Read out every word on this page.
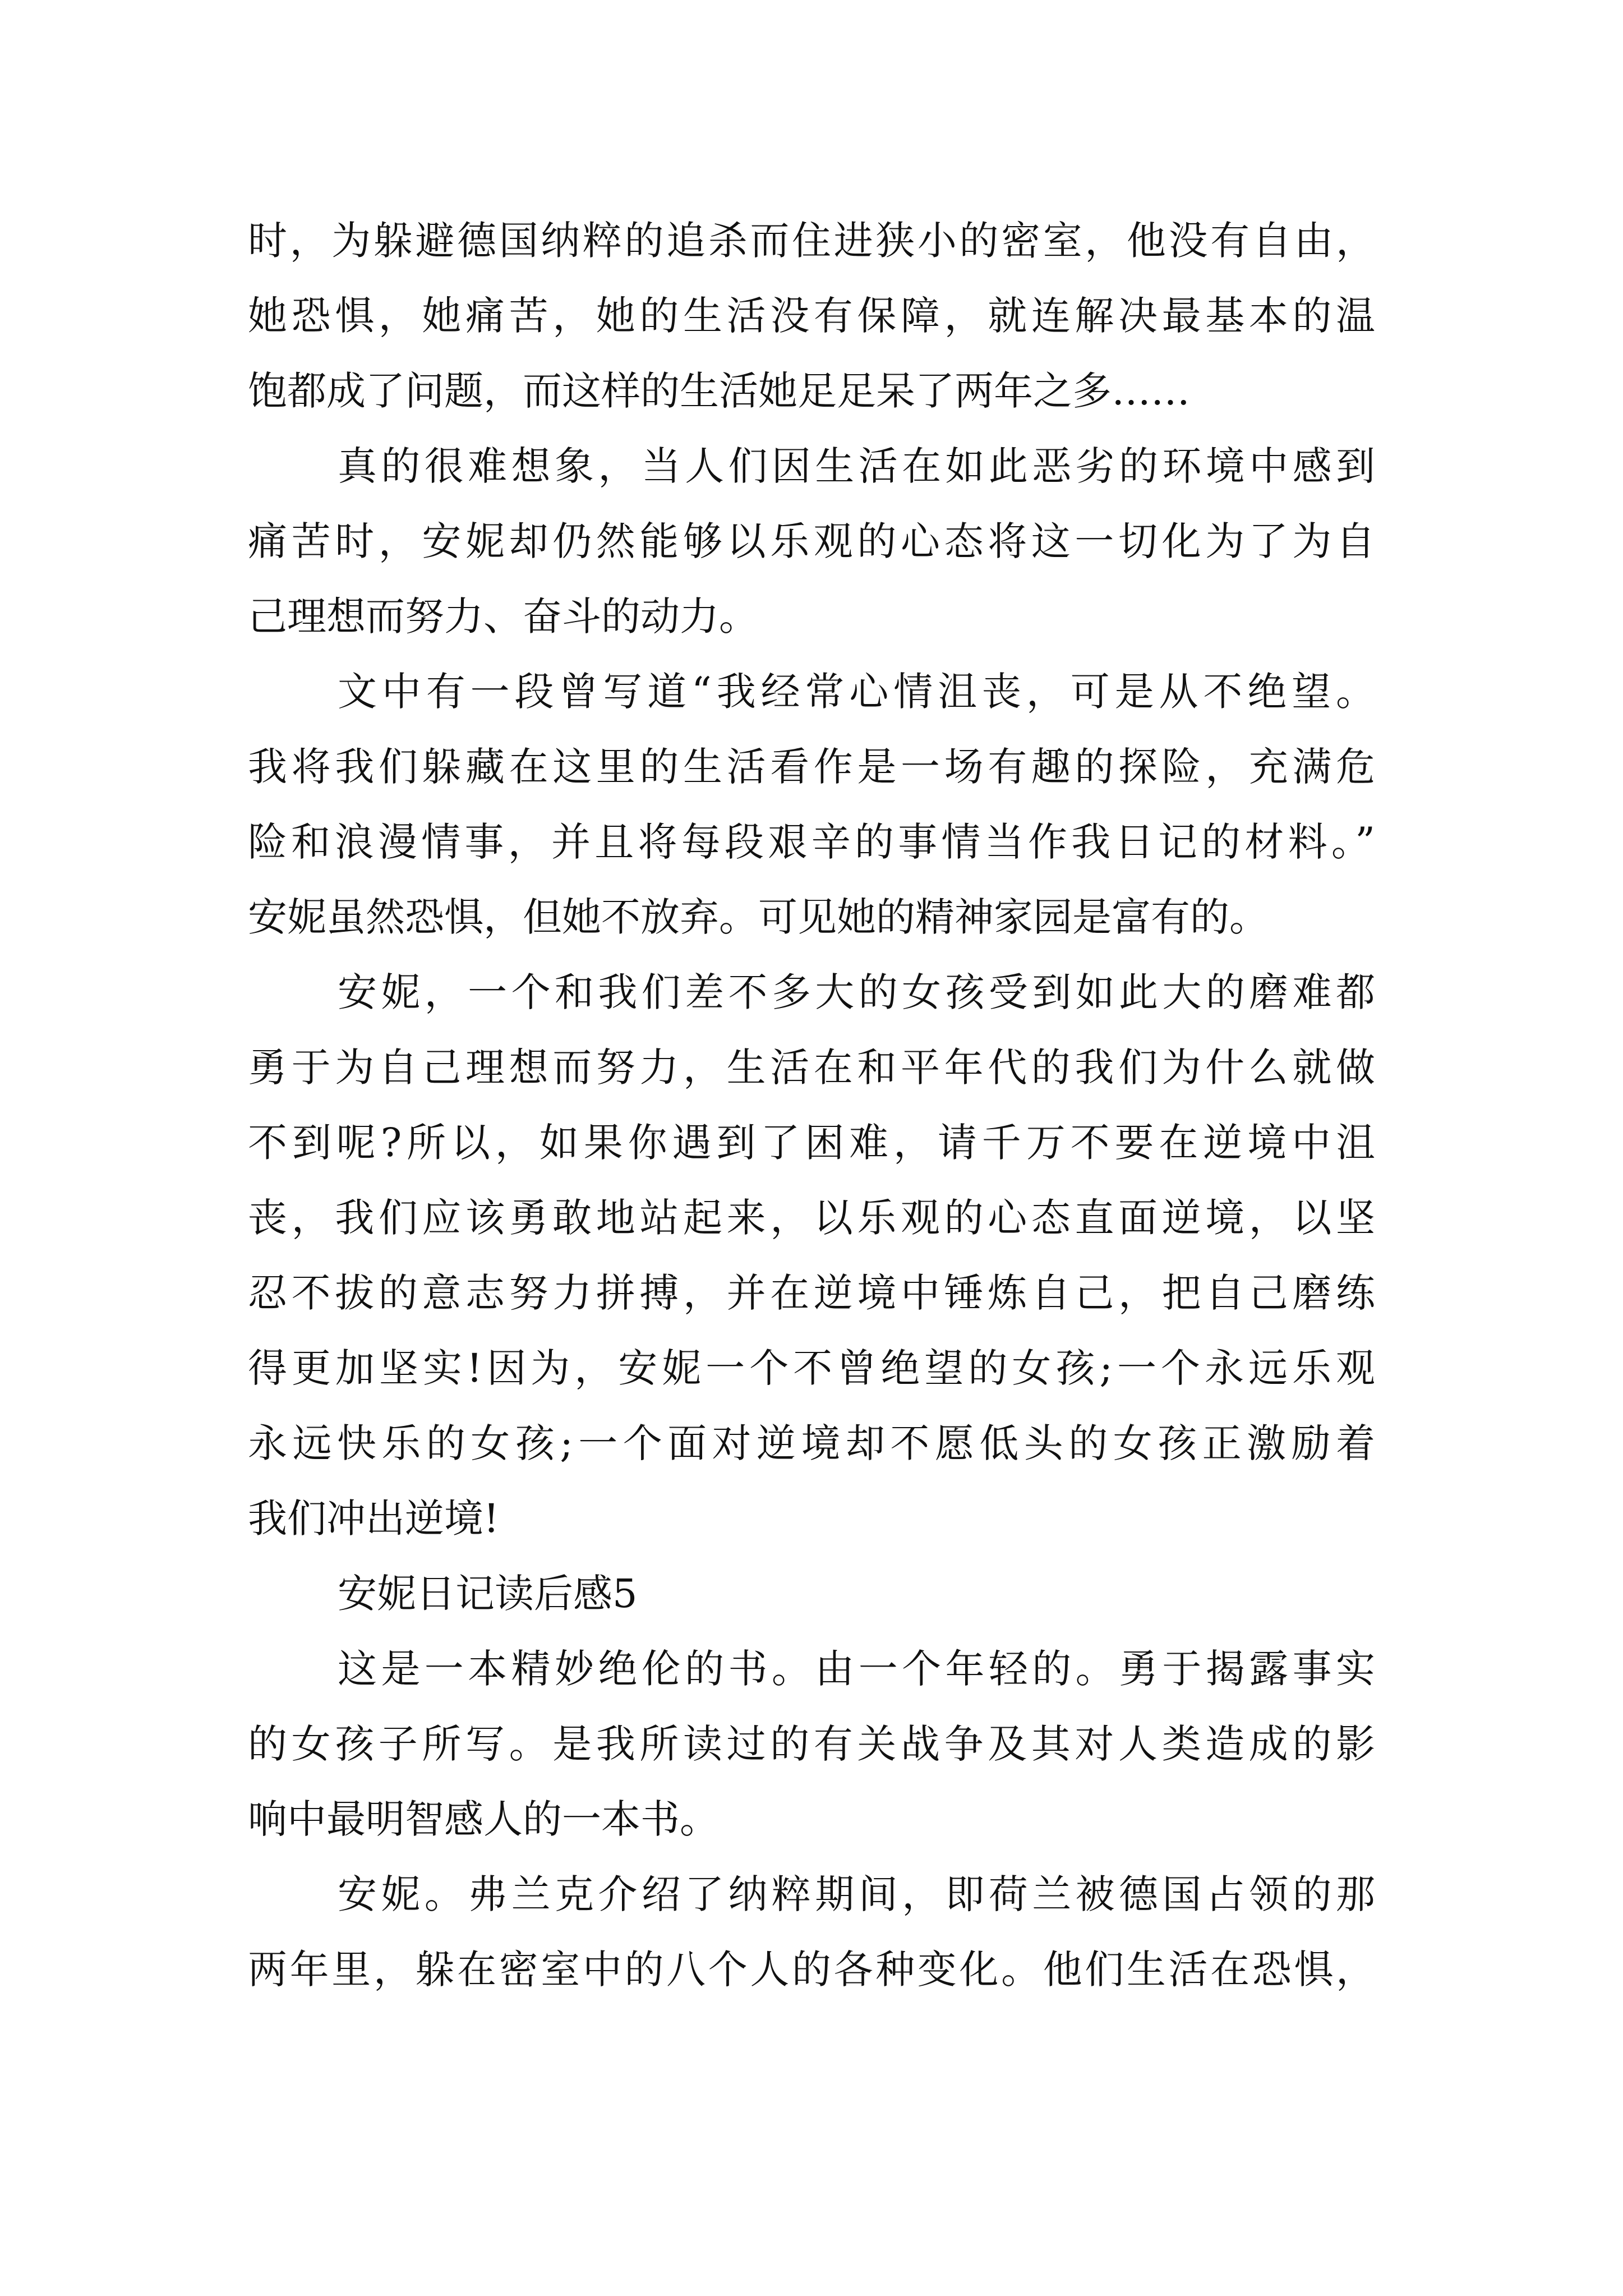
时，为躲避德国纳粹的追杀而住进狭小的密室，他没有自由，
她恐惧，她痛苦，她的生活没有保障，就连解决最基本的温
饱都成了问题，而这样的生活她足足呆了两年之多……
真的很难想象，当人们因生活在如此恶劣的环境中感到
痛苦时，安妮却仍然能够以乐观的心态将这一切化为了为自
己理想而努力、奋斗的动力。
文中有一段曾写道“我经常心情沮丧，可是从不绝望。
我将我们躲藏在这里的生活看作是一场有趣的探险，充满危
险和浪漫情事，并且将每段艰辛的事情当作我日记的材料。”
安妮虽然恐惧，但她不放弃。可见她的精神家园是富有的。
安妮，一个和我们差不多大的女孩受到如此大的磨难都
勇于为自己理想而努力，生活在和平年代的我们为什么就做
不到呢?所以，如果你遇到了困难，请千万不要在逆境中沮
丧，我们应该勇敢地站起来，以乐观的心态直面逆境，以坚
忍不拔的意志努力拼搏，并在逆境中锤炼自己，把自己磨练
得更加坚实!因为，安妮一个不曾绝望的女孩;一个永远乐观
永远快乐的女孩;一个面对逆境却不愿低头的女孩正激励着
我们冲出逆境!
安妮日记读后感5
这是一本精妙绝伦的书。由一个年轻的。勇于揭露事实
的女孩子所写。是我所读过的有关战争及其对人类造成的影
响中最明智感人的一本书。
安妮。弗兰克介绍了纳粹期间，即荷兰被德国占领的那
两年里，躲在密室中的八个人的各种变化。他们生活在恐惧，
